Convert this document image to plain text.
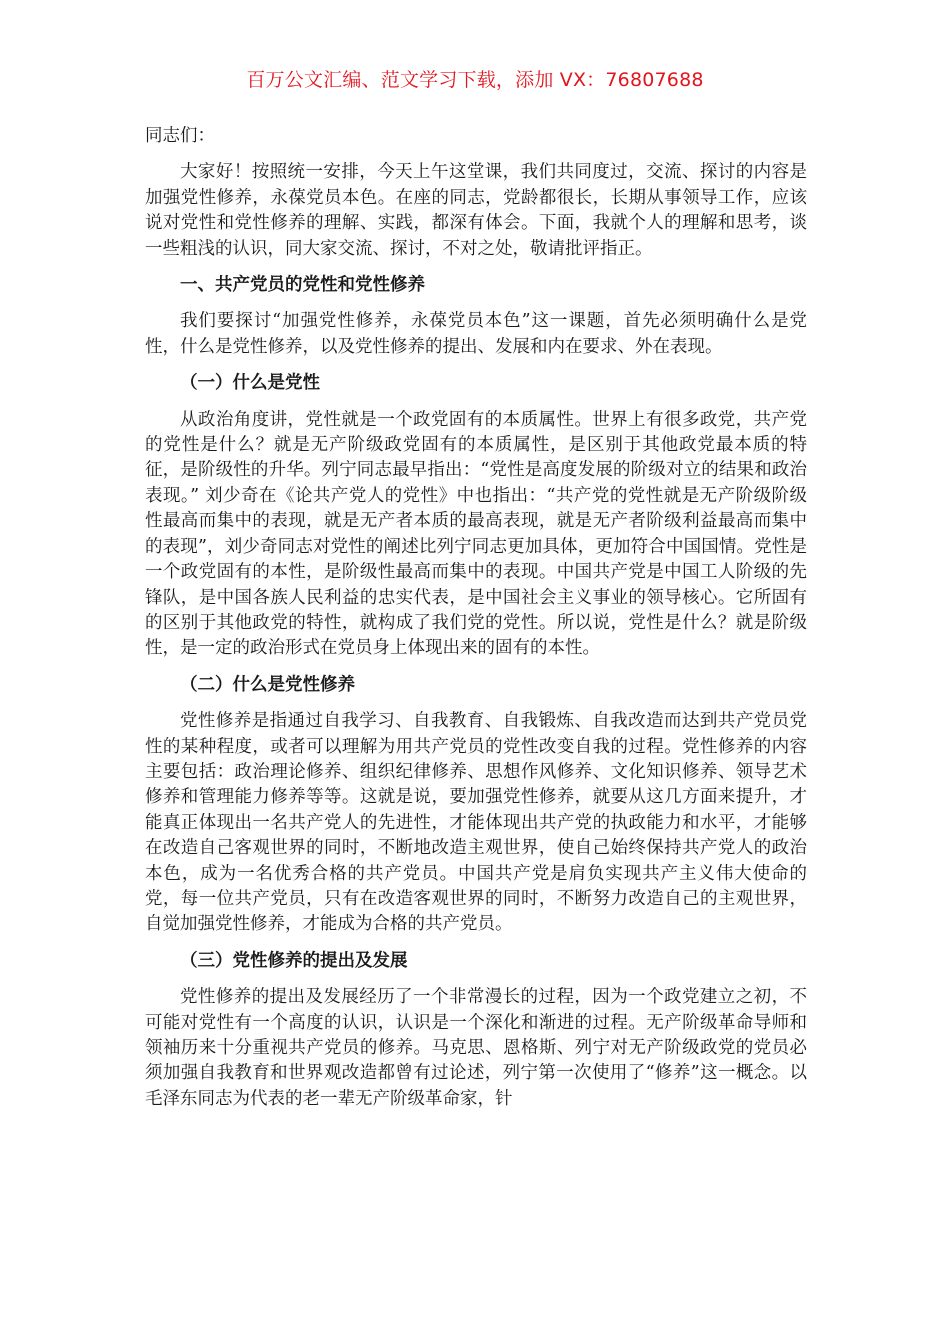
百万公文汇编、范文学习下载，添加 VX：76807688

同志们：

大家好！按照统一安排，今天上午这堂课，我们共同度过，交流、探讨的内容是加强党性修养，永葆党员本色。在座的同志，党龄都很长，长期从事领导工作，应该说对党性和党性修养的理解、实践，都深有体会。下面，我就个人的理解和思考，谈一些粗浅的认识，同大家交流、探讨，不对之处，敬请批评指正。

一、共产党员的党性和党性修养

我们要探讨“加强党性修养，永葆党员本色”这一课题，首先必须明确什么是党性，什么是党性修养，以及党性修养的提出、发展和内在要求、外在表现。

（一）什么是党性

从政治角度讲，党性就是一个政党固有的本质属性。世界上有很多政党，共产党的党性是什么？就是无产阶级政党固有的本质属性，是区别于其他政党最本质的特征，是阶级性的升华。列宁同志最早指出：“党性是高度发展的阶级对立的结果和政治表现。” 刘少奇在《论共产党人的党性》中也指出：“共产党的党性就是无产阶级阶级性最高而集中的表现，就是无产者本质的最高表现，就是无产者阶级利益最高而集中的表现”，刘少奇同志对党性的阐述比列宁同志更加具体，更加符合中国国情。党性是一个政党固有的本性，是阶级性最高而集中的表现。中国共产党是中国工人阶级的先锋队，是中国各族人民利益的忠实代表，是中国社会主义事业的领导核心。它所固有的区别于其他政党的特性，就构成了我们党的党性。所以说，党性是什么？就是阶级性，是一定的政治形式在党员身上体现出来的固有的本性。

（二）什么是党性修养

党性修养是指通过自我学习、自我教育、自我锻炼、自我改造而达到共产党员党性的某种程度，或者可以理解为用共产党员的党性改变自我的过程。党性修养的内容主要包括：政治理论修养、组织纪律修养、思想作风修养、文化知识修养、领导艺术修养和管理能力修养等等。这就是说，要加强党性修养，就要从这几方面来提升，才能真正体现出一名共产党人的先进性，才能体现出共产党的执政能力和水平，才能够在改造自己客观世界的同时，不断地改造主观世界，使自己始终保持共产党人的政治本色，成为一名优秀合格的共产党员。中国共产党是肩负实现共产主义伟大使命的党，每一位共产党员，只有在改造客观世界的同时，不断努力改造自己的主观世界，自觉加强党性修养，才能成为合格的共产党员。

（三）党性修养的提出及发展

党性修养的提出及发展经历了一个非常漫长的过程，因为一个政党建立之初，不可能对党性有一个高度的认识，认识是一个深化和渐进的过程。无产阶级革命导师和领袖历来十分重视共产党员的修养。马克思、恩格斯、列宁对无产阶级政党的党员必须加强自我教育和世界观改造都曾有过论述，列宁第一次使用了“修养”这一概念。以毛泽东同志为代表的老一辈无产阶级革命家，针
